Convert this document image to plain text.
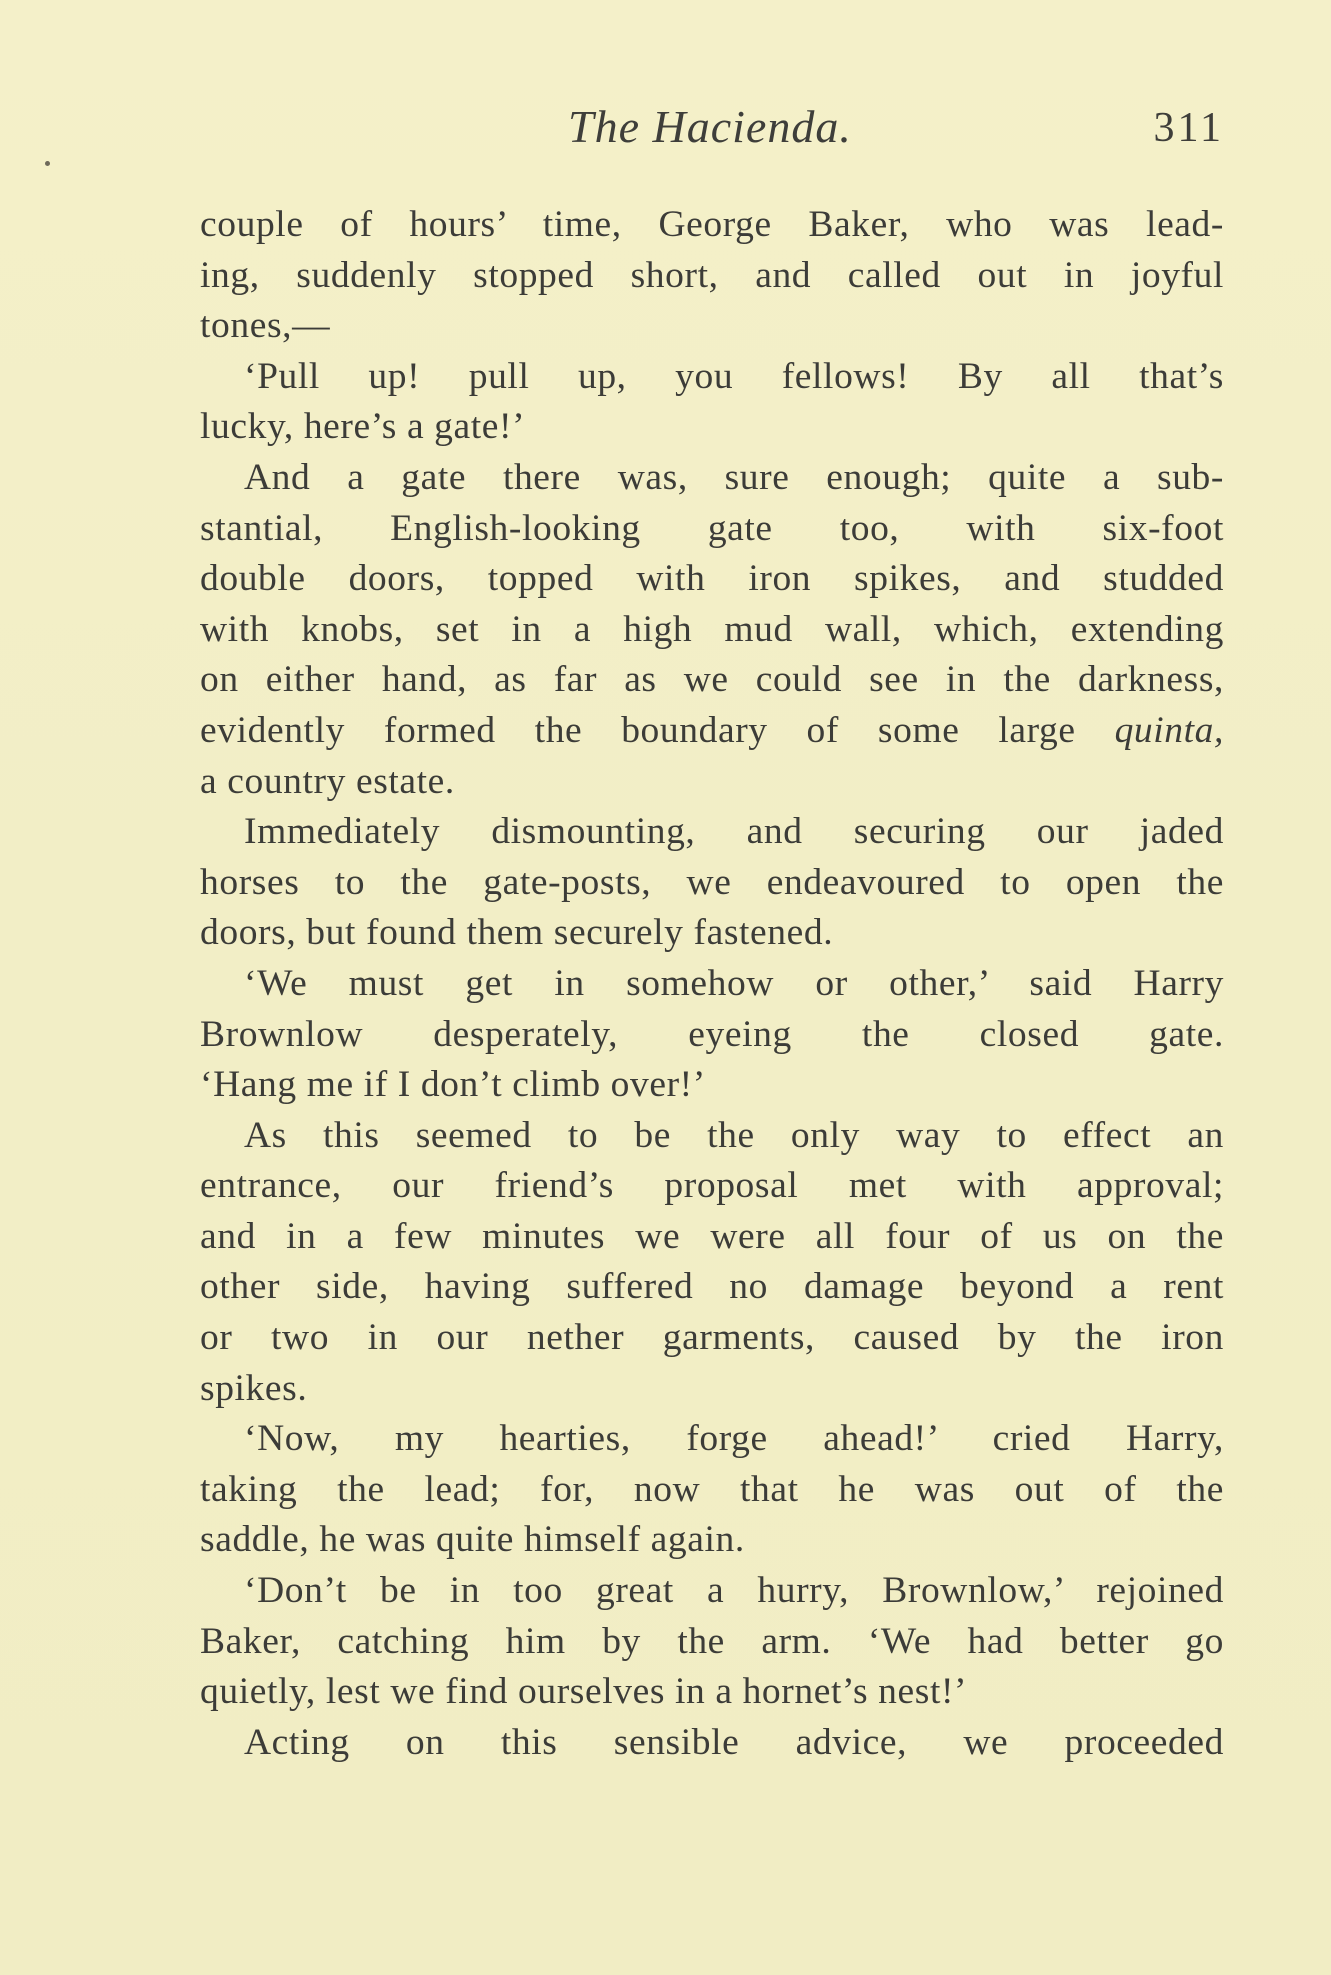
The Hacienda.	311
couple of hours’ time, George Baker, who was lead-
ing, suddenly stopped short, and called out in joyful
tones,—
‘Pull up! pull up, you fellows! By all that’s
lucky, here’s a gate!’
And a gate there was, sure enough; quite a sub-
stantial, English-looking gate too, with six-foot
double doors, topped with iron spikes, and studded
with knobs, set in a high mud wall, which, extending
on either hand, as far as we could see in the darkness,
evidently formed the boundary of some large quinta,
a country estate.
Immediately dismounting, and securing our jaded
horses to the gate-posts, we endeavoured to open the
doors, but found them securely fastened.
‘We must get in somehow or other,’ said Harry
Brownlow desperately, eyeing the closed gate.
‘Hang me if I don’t climb over!’
As this seemed to be the only way to effect an
entrance, our friend’s proposal met with approval;
and in a few minutes we were all four of us on the
other side, having suffered no damage beyond a rent
or two in our nether garments, caused by the iron
spikes.
‘Now, my hearties, forge ahead!’ cried Harry,
taking the lead; for, now that he was out of the
saddle, he was quite himself again.
‘Don’t be in too great a hurry, Brownlow,’ rejoined
Baker, catching him by the arm. ‘We had better go
quietly, lest we find ourselves in a hornet’s nest!’
Acting on this sensible advice, we proceeded
